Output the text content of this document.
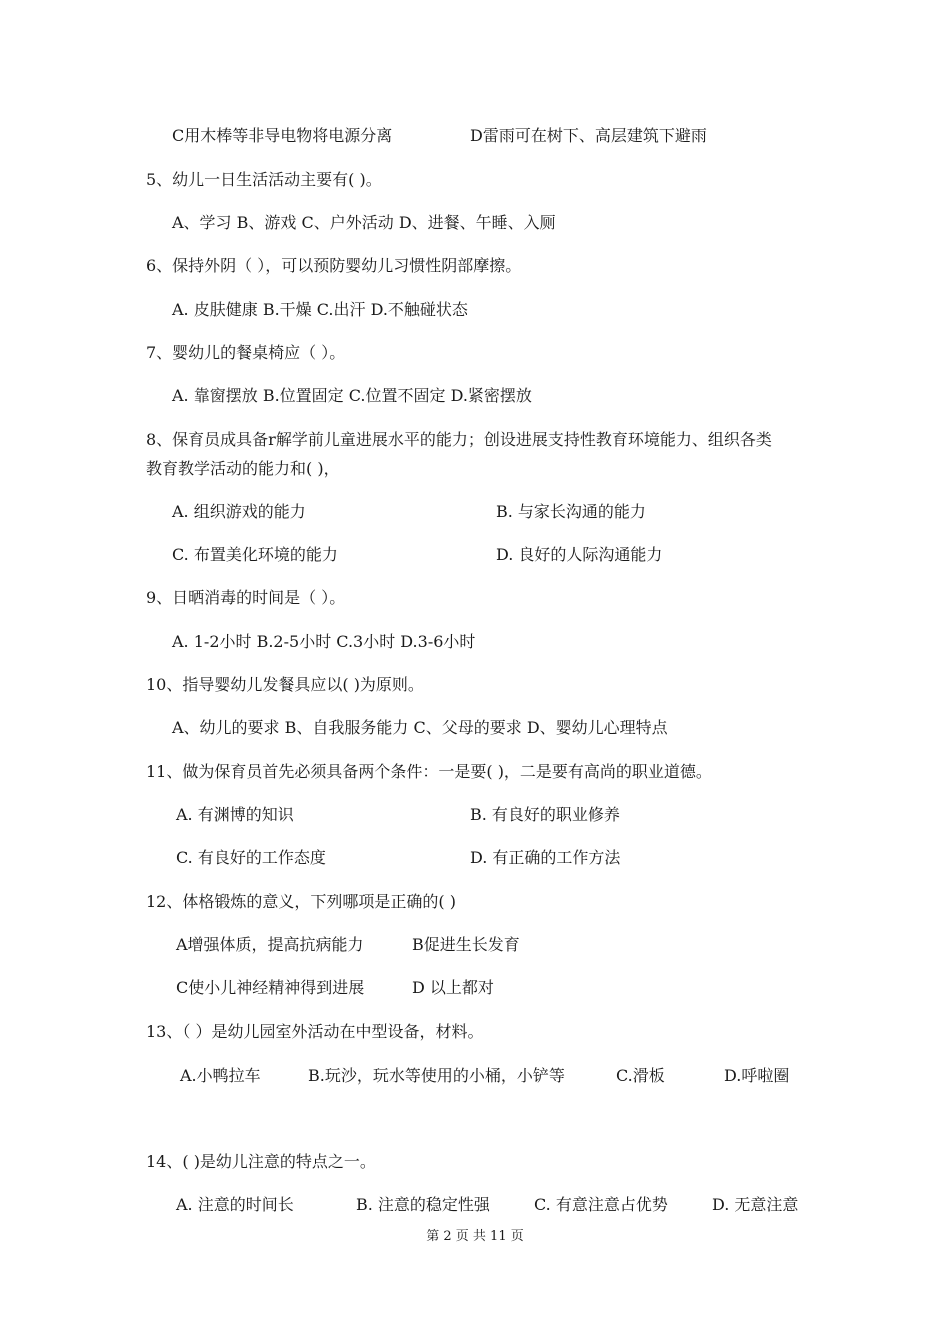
C用木棒等非导电物将电源分离	D雷雨可在树下、高层建筑下避雨
5、幼儿一日生活活动主要有( )。
A、学习 B、游戏 C、户外活动 D、进餐、午睡、入厕
6、保持外阴（ ），可以预防婴幼儿习惯性阴部摩擦。
A. 皮肤健康 B.干燥 C.出汗 D.不触碰状态
7、婴幼儿的餐桌椅应（ ）。
A. 靠窗摆放 B.位置固定 C.位置不固定 D.紧密摆放
8、保育员成具备r解学前儿童进展水平的能力；创设进展支持性教育环境能力、组织各类
教育教学活动的能力和( )，
A. 组织游戏的能力	B. 与家长沟通的能力
C. 布置美化环境的能力	D. 良好的人际沟通能力
9、日晒消毒的时间是（ ）。
A. 1-2小时 B.2-5小时 C.3小时 D.3-6小时
10、指导婴幼儿发餐具应以( )为原则。
A、幼儿的要求 B、自我服务能力 C、父母的要求 D、婴幼儿心理特点
11、做为保育员首先必须具备两个条件：一是要( )，二是要有高尚的职业道德。
A. 有渊博的知识	B. 有良好的职业修养
C. 有良好的工作态度	D. 有正确的工作方法
12、体格锻炼的意义，下列哪项是正确的( )
A增强体质，提高抗病能力	B促进生长发育
C使小儿神经精神得到进展	D 以上都对
13、（ ）是幼儿园室外活动在中型设备，材料。
A.小鸭拉车	B.玩沙，玩水等使用的小桶，小铲等	C.滑板	D.呼啦圈
14、( )是幼儿注意的特点之一。
A. 注意的时间长	B. 注意的稳定性强	C. 有意注意占优势	D. 无意注意
第 2 页 共 11 页
